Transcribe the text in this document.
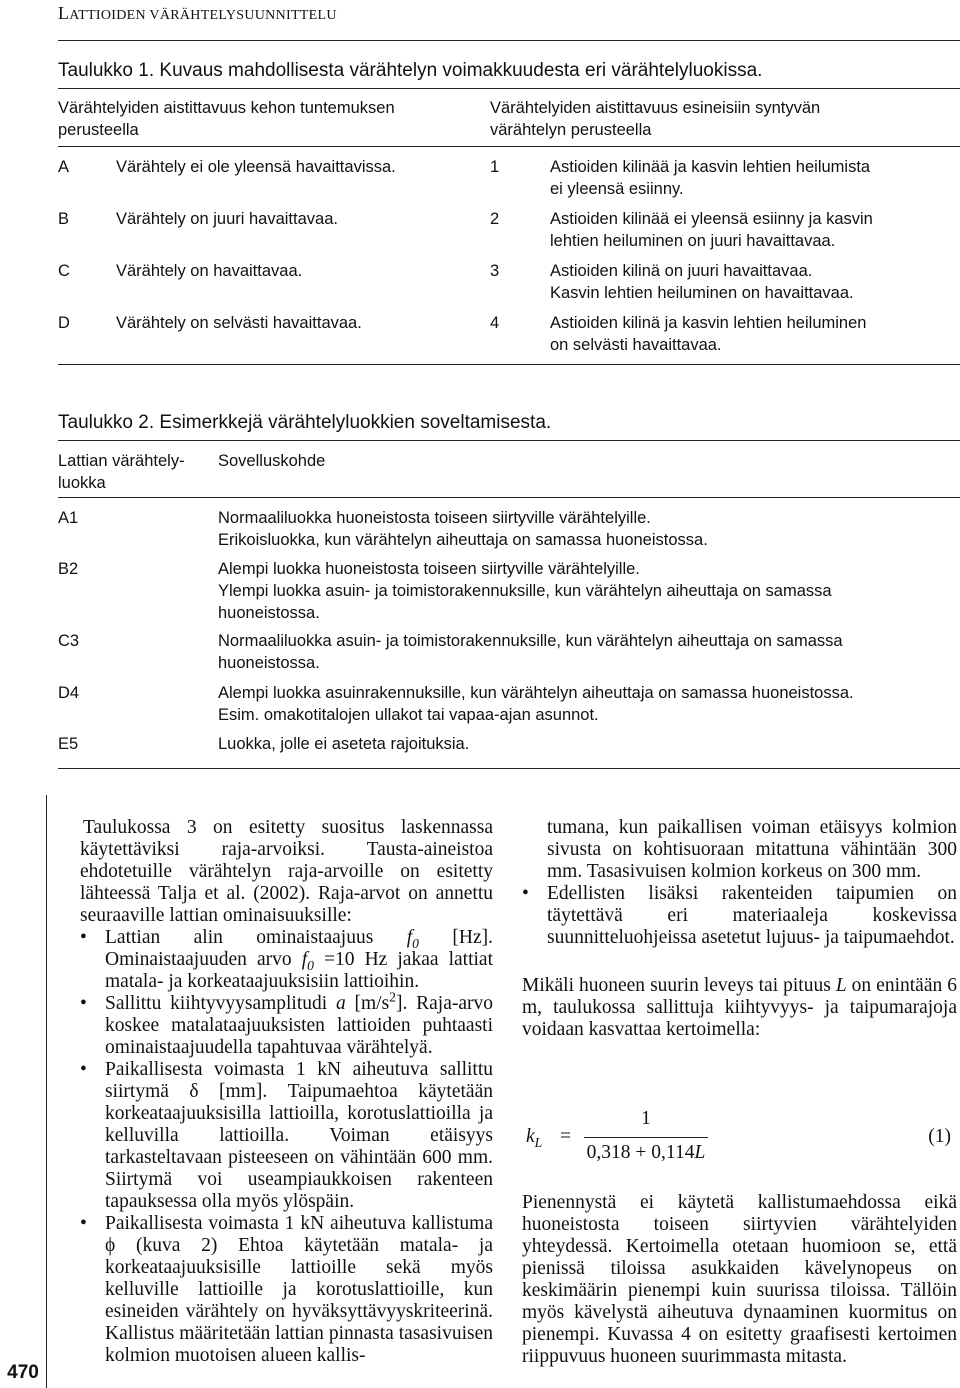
LATTIOIDEN VÄRÄHTELYSUUNNITTELU
Taulukko 1. Kuvaus mahdollisesta värähtelyn voimakkuudesta eri värähtelyluokissa.
Värähtelyiden aistittavuus kehon tuntemuksen
perusteella
Värähtelyiden aistittavuus esineisiin syntyvän
värähtelyn perusteella
A	Värähtely ei ole yleensä havaittavissa.	1	Astioiden kilinää ja kasvin lehtien heilumista
ei yleensä esiinny.
B	Värähtely on juuri havaittavaa.	2	Astioiden kilinää ei yleensä esiinny ja kasvin
lehtien heiluminen on juuri havaittavaa.
C	Värähtely on havaittavaa.	3	Astioiden kilinä on juuri havaittavaa.
Kasvin lehtien heiluminen on havaittavaa.
D	Värähtely on selvästi havaittavaa.	4	Astioiden kilinä ja kasvin lehtien heiluminen
on selvästi havaittavaa.
Taulukko 2. Esimerkkejä värähtelyluokkien soveltamisesta.
Lattian värähtely-
luokka
Sovelluskohde
A1	Normaaliluokka huoneistosta toiseen siirtyville värähtelyille.
Erikoisluokka, kun värähtelyn aiheuttaja on samassa huoneistossa.
B2	Alempi luokka huoneistosta toiseen siirtyville värähtelyille.
Ylempi luokka asuin- ja toimistorakennuksille, kun värähtelyn aiheuttaja on samassa
huoneistossa.
C3	Normaaliluokka asuin- ja toimistorakennuksille, kun värähtelyn aiheuttaja on samassa
huoneistossa.
D4	Alempi luokka asuinrakennuksille, kun värähtelyn aiheuttaja on samassa huoneistossa.
Esim. omakotitalojen ullakot tai vapaa-ajan asunnot.
E5	Luokka, jolle ei aseteta rajoituksia.
470

Taulukossa 3 on esitetty suositus laskennassa käytettäviksi raja-arvoiksi. Tausta-aineistoa ehdotetuille värähtelyn raja-arvoille on esitetty lähteessä Talja et al. (2002). Raja-arvot on annettu seuraaville lattian ominaisuuksille:

• Lattian alin ominaistaajuus $f_0$ [Hz]. Ominaistaajuuden arvo $f_0 =10$ Hz jakaa lattiat matala- ja korkeataajuuksisiin lattioihin.
• Sallittu kiihtyvyysamplitudi a $[m/s^2]$. Raja-arvo koskee matalataajuuksisten lattioiden puhtaasti ominaistaajuudella tapahtuvaa värähtelyä.
• Paikallisesta voimasta 1 kN aiheutuva sallittu siirtymä δ [mm]. Taipumaehtoa käytetään korkeataajuuksisilla lattioilla, korotuslattioilla ja kelluvilla lattioilla. Voiman etäisyys tarkasteltavaan pisteeseen on vähintään 600 mm. Siirtymä voi useampiaukkoisen rakenteen tapauksessa olla myös ylöspäin.
• Paikallisesta voimasta 1 kN aiheutuva kallistuma ϕ (kuva 2) Ehtoa käytetään matala- ja korkeataajuuksisille lattioille sekä myös kelluville lattioille ja korotuslattioille, kun esineiden värähtely on hyväksyttävyyskriteerinä. Kallistus määritetään lattian pinnasta tasasivuisen kolmion muotoisen alueen kallis-

tumana, kun paikallisen voiman etäisyys kolmion sivusta on kohtisuoraan mitattuna vähintään 300 mm. Tasasivuisen kolmion korkeus on 300 mm.

• Edellisten lisäksi rakenteiden taipumien on täytettävä eri materiaaleja koskevissa suunnitteluohjeissa asetetut lujuus- ja taipumaehdot.

Mikäli huoneen suurin leveys tai pituus L on enintään 6 m, taulukossa sallittuja kiihtyvyys- ja taipumarajoja voidaan kasvattaa kertoimella:

$k_L$ =
1
0,318 + 0,114L
(1)
Pienennystä ei käytetä kallistumaehdossa eikä huoneistosta toiseen siirtyvien värähtelyiden yhteydessä. Kertoimella otetaan huomioon se, että pienissä tiloissa asukkaiden kävelynopeus on keskimäärin pienempi kuin suurissa tiloissa. Tällöin myös kävelystä aiheutuva dynaaminen kuormitus on pienempi. Kuvassa 4 on esitetty graafisesti kertoimen riippuvuus huoneen suurimmasta mitasta.
